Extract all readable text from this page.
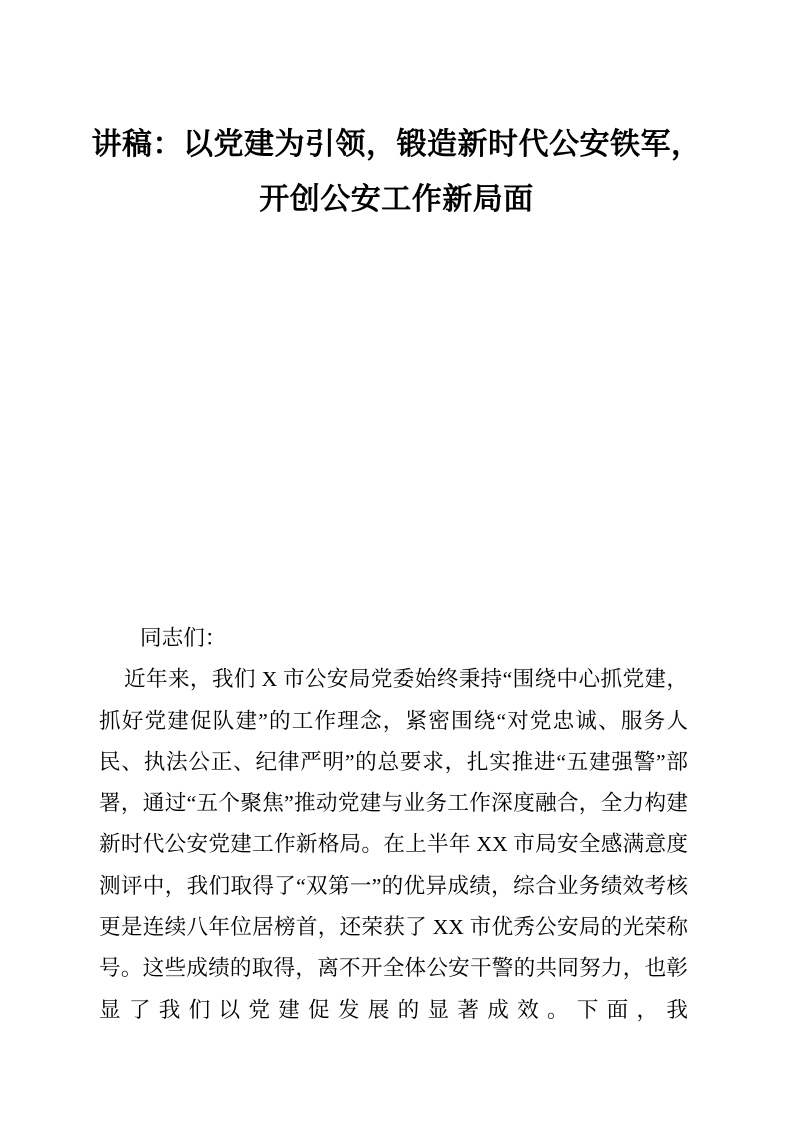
讲稿：以党建为引领，锻造新时代公安铁军，
开创公安工作新局面

同志们：

近年来，我们 X 市公安局党委始终秉持“围绕中心抓党建，抓好党建促队建”的工作理念，紧密围绕“对党忠诚、服务人民、执法公正、纪律严明”的总要求，扎实推进“五建强警”部署，通过“五个聚焦”推动党建与业务工作深度融合，全力构建新时代公安党建工作新格局。在上半年 XX 市局安全感满意度测评中，我们取得了“双第一”的优异成绩，综合业务绩效考核更是连续八年位居榜首，还荣获了 XX 市优秀公安局的光荣称号。这些成绩的取得，离不开全体公安干警的共同努力，也彰显了我们以党建促发展的显著成效。下面，我
